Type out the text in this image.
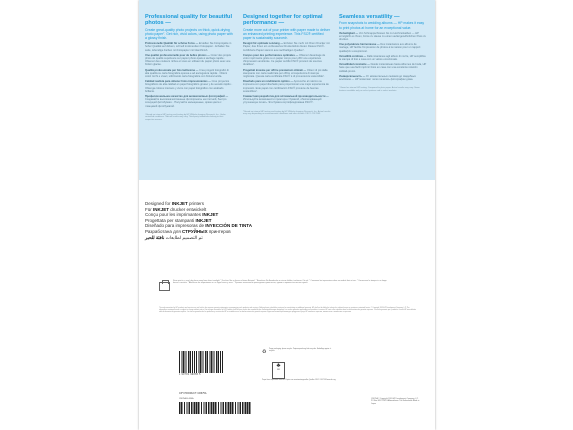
Professional quality for beautiful photos —
Create great-quality photo projects on thick, quick-drying photo paper⁷. Get rich, vivid colors, using photo paper with a glossy finish.
Professionelle Qualität für schöne Fotos — Erstellen Sie Fotoprojekte in hoher Qualität auf dickem, schnell trocknendem Fotopapier⁷. Erhalten Sie satte, lebendige Farben mit Fotopapier mit Glanzfinish.
Une qualité professionnelle pour de belles photos — Créez des projets photo de qualité supérieure sur papier photo épais à séchage rapide⁷. Obtenez des couleurs riches et vives en utilisant du papier photo avec une finition glacée.
Qualità professionale per foto bellissime — Crea progetti fotografici di alta qualità su carta fotografica spessa e ad asciugatura rapida⁷. Ottieni colori ricchi e vivaci, utilizzando carta fotografica con finitura lucida.
Calidad realista para obtener fotos impresionantes — Cree proyectos fotográficos de alta calidad en papel fotográfico grueso y de secado rápido⁷. Obtenga colores intensos y vivos con papel fotográfico con acabado brillante.
Профессиональное качество для великолепных фотографий — Создавайте высококачественные фотопроекты на плотной, быстро сохнущей фотобумаге⁷. Получайте насыщенные, яркие цвета с глянцевой фотобумагой.
¹ Based on internal HP testing and testing by HP Wilhelm Imaging Research, Inc. Under controlled conditions. ² Actual results may vary. Third-party trademarks belong to their respective owners.
Designed together for optimal performance —
Create more out of your printer with paper made to deliver an enhanced printing experience. This FSC® certified paper is sustainably sourced³.
Designt für optimale Leistung — Erzielen Sie mehr mit Ihrem Drucker mit Papier, das Ihnen ein verbessertes Druckerlebnis bietet. Dieses FSC®-zertifizierte Papier stammt aus nachhaltigen Quellen³.
Conçus pour des performances optimales — Obtenez davantage de votre imprimante grâce à un papier conçu pour offrir une expérience d'impression améliorée. Ce papier certifié FSC® provient de sources durables³.
Progettati insieme per offrire prestazioni ottimali — Ottieni di più dalla stampante con carta realizzata per offrire un'esperienza di stampa migliorata. Questa carta certificata FSC® è di provenienza sostenibile³.
Diseñado para un rendimiento óptimo — Aproveche al máximo su impresora con papel diseñado para proporcionar una mejor experiencia de impresión. Este papel con certificación FSC® proviene de fuentes sostenibles³.
Совместная разработка для оптимальной производительности — Используйте возможности принтера с бумагой, обеспечивающей улучшенную печать. Эта бумага сертифицирована FSC®³.
³ Based on internal HP testing and testing by HP Wilhelm Imaging Research, Inc. Actual results may vary depending on environmental conditions and other factors. FSC® C017543.
Seamless versatility —
From snapshots to wedding albums — HP makes it easy to print photos at home for an exceptional value.
Vielseitigkeit — Von Schnappschüssen bis zu Hochzeitsalben — HP ermöglicht es Ihnen, Fotos zu Hause zu einem außergewöhnlichen Preis zu drucken.
Une polyvalence harmonieuse — Des instantanés aux albums de mariage, HP facilite l'impression de photos à la maison pour un rapport qualité/prix exceptionnel.
Versatilità continua — Dalle istantanee agli album di nozze, HP semplifica la stampa di foto a casa con un valore eccezionale.
Versatilidad constante — Desde instantáneas hasta álbumes de boda, HP hace que sea fácil imprimir fotos en casa con una excelente relación calidad-precio.
Универсальность — От моментальных снимков до свадебных альбомов — HP позволяет легко печатать фотографии дома.
⁴ Based on internal HP testing. Compared to plain paper. Actual results may vary. Some features available only on select printers and in select markets.
Designed for INKJET printers
Für INKJET drucker entwickelt
Conçu pour les imprimantes INKJET
Progettata per stampanti INKJET
Diseñado para impresoras de INYECCIÓN DE TINTA
Разработана для СТРУЙНЫХ принтеров
تم التصميم لطابعات نافثة للحبر
Store print in a cool, dry place away from direct sunlight. * Drucken Sie zu ihrem schönen Beispiel. * Bewahren Sie Ausdrucke an einem kühlen, trockenen Ort auf. * Conserver les impressions dans un endroit frais et sec. * Conservare le stampe in un luogo fresco e asciutto. * Almacene las impresiones en un lugar fresco y seco. * Храните отпечатки в прохладном сухом месте, вдали от прямых солнечных лучей.
The only warranties for HP products and services are set forth in the express warranty statements accompanying such products and services. Nothing herein should be construed as constituting an additional warranty. HP shall not be liable for technical or editorial errors or omissions contained herein. © Copyright 2020 HP Development Company, L.P. The information contained herein is subject to change without notice. Die einzigen Garantien für HP Produkte und Services sind in den ausdrücklichen Garantieerklärungen festgelegt. Les seules garanties applicables aux produits et services HP sont celles stipulées dans les déclarations de garantie expresse. Le uniche garanzie per i prodotti e i servizi HP sono definite nelle dichiarazioni di garanzia esplicita. Las únicas garantías de los productos y servicios de HP se establecen en las declaraciones de garantía expresa. Единственными гарантиями для продуктов и услуг HP являются гарантии, изложенные в заявлениях о гарантии.
1 90781 99865 5
CPY PRODUCT: CR675A
CR675A 60 4X6 A
♻ Paper packaging: please recycle. Papierverpackung: bitte recyceln. Emballage papier: à recycler.
♣
FSC
Paper from responsible sources. Papier aus verantwortungsvollen Quellen. FSC® C017543 www.fsc.org
CR675A © Copyright 2020 HP Development Company, L.P. PO Box 8697 1181 KA Amstelveen The Netherlands Made in Japan
